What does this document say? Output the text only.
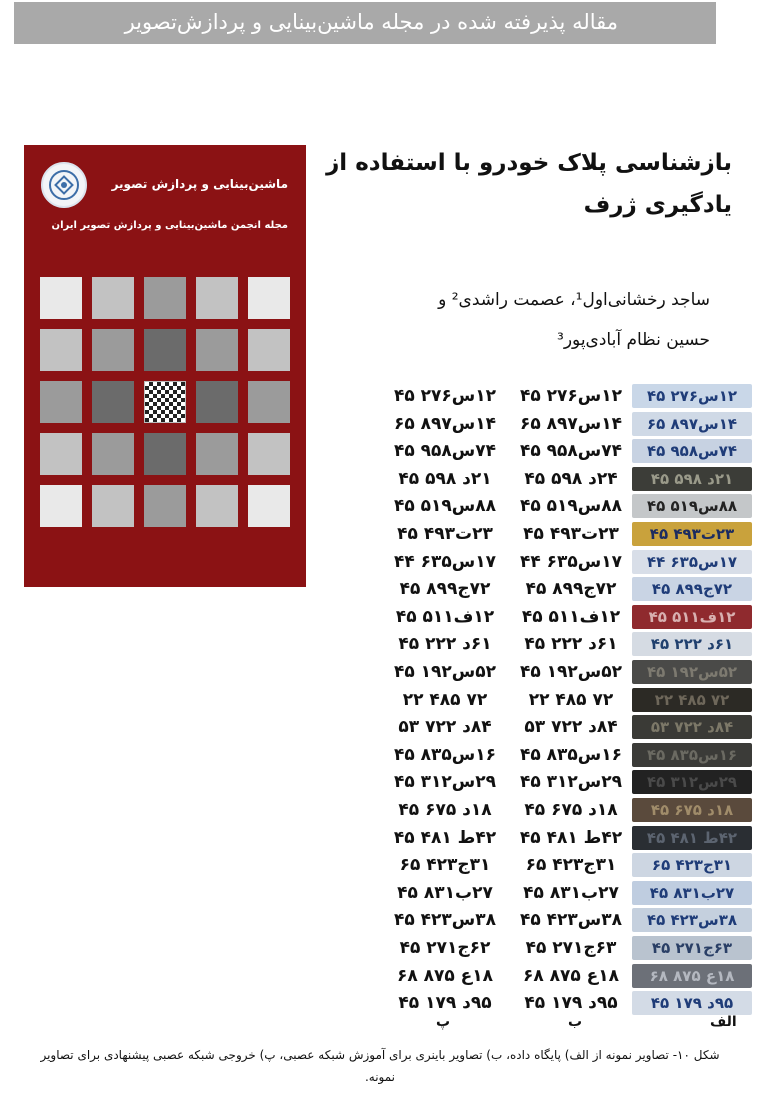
مقاله پذیرفته شده در مجله ماشین‌بینایی و پردازش‌تصویر
ماشین‌بینایی و پردازش تصویر
مجله انجمن ماشین‌بینایی و پردازش تصویر ایران
بازشناسی پلاک خودرو با استفاده از یادگیری ژرف
ساجد رخشانی‌اول¹، عصمت راشدی² و
حسین نظام آبادی‌پور³
۱۲س۲۷۶ ۴۵	۱۲س۲۷۶ ۴۵	۱۲س۲۷۶ ۴۵
۱۴س۸۹۷ ۶۵	۱۴س۸۹۷ ۶۵	۱۴س۸۹۷ ۶۵
۷۴س۹۵۸ ۴۵	۷۴س۹۵۸ ۴۵	۷۴س۹۵۸ ۴۵
۲۱د ۵۹۸ ۴۵	۲۴د ۵۹۸ ۴۵	۲۱د ۵۹۸ ۴۵
۸۸س۵۱۹ ۴۵	۸۸س۵۱۹ ۴۵	۸۸س۵۱۹ ۴۵
۲۳ت۴۹۳ ۴۵	۲۳ت۴۹۳ ۴۵	۲۳ت۴۹۳ ۴۵
۱۷س۶۳۵ ۴۴	۱۷س۶۳۵ ۴۴	۱۷س۶۳۵ ۴۴
۷۲ج۸۹۹ ۴۵	۷۲ج۸۹۹ ۴۵	۷۲ج۸۹۹ ۴۵
۱۲ف۵۱۱ ۴۵	۱۲ف۵۱۱ ۴۵	۱۲ف۵۱۱ ۴۵
۶۱د ۲۲۲ ۴۵	۶۱د ۲۲۲ ۴۵	۶۱د ۲۲۲ ۴۵
۵۲س۱۹۲ ۴۵	۵۲س۱۹۲ ۴۵	۵۲س۱۹۲ ۴۵
۷۲ ۴۸۵ ۲۲	۷۲ ۴۸۵ ۲۲	۷۲ ۴۸۵ ۲۲
۸۴د ۷۲۲ ۵۳	۸۴د ۷۲۲ ۵۳	۸۴د ۷۲۲ ۵۳
۱۶س۸۳۵ ۴۵	۱۶س۸۳۵ ۴۵	۱۶س۸۳۵ ۴۵
۲۹س۳۱۲ ۴۵	۲۹س۳۱۲ ۴۵	۲۹س۳۱۲ ۴۵
۱۸د ۶۷۵ ۴۵	۱۸د ۶۷۵ ۴۵	۱۸د ۶۷۵ ۴۵
۴۲ط ۴۸۱ ۴۵	۴۲ط ۴۸۱ ۴۵	۴۲ط ۴۸۱ ۴۵
۳۱ج۴۲۳ ۶۵	۳۱ج۴۲۳ ۶۵	۳۱ج۴۲۳ ۶۵
۲۷ب۸۳۱ ۴۵	۲۷ب۸۳۱ ۴۵	۲۷ب۸۳۱ ۴۵
۳۸س۴۲۳ ۴۵	۳۸س۴۲۳ ۴۵	۳۸س۴۲۳ ۴۵
۶۲ج۲۷۱ ۴۵	۶۳ج۲۷۱ ۴۵	۶۳ج۲۷۱ ۴۵
۱۸ع ۸۷۵ ۶۸	۱۸ع ۸۷۵ ۶۸	۱۸ع ۸۷۵ ۶۸
۹۵د ۱۷۹ ۴۵	۹۵د ۱۷۹ ۴۵	۹۵د ۱۷۹ ۴۵
الف
ب
پ
شکل ۱۰- تصاویر نمونه از الف) پایگاه داده، ب) تصاویر باینری برای آموزش شبکه عصبی، پ) خروجی شبکه عصبی پیشنهادی برای تصاویر نمونه.
